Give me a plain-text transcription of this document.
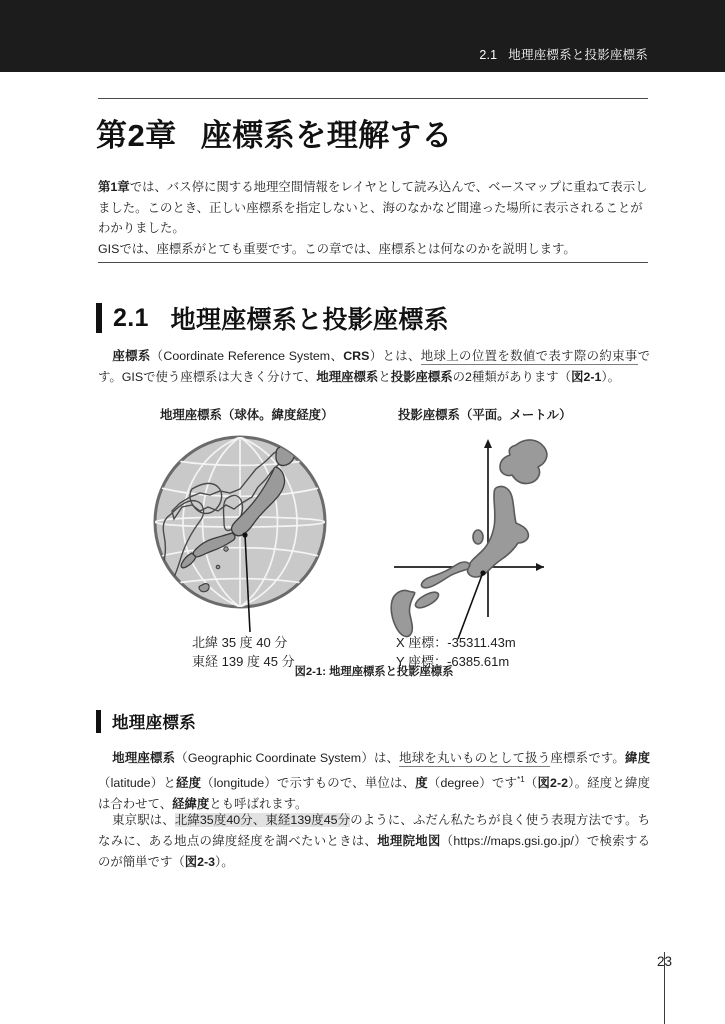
2.1 地理座標系と投影座標系
第2章 座標系を理解する
第1章では、バス停に関する地理空間情報をレイヤとして読み込んで、ベースマップに重ねて表示しました。このとき、正しい座標系を指定しないと、海のなかなど間違った場所に表示されることがわかりました。
GISでは、座標系がとても重要です。この章では、座標系とは何なのかを説明します。
2.1 地理座標系と投影座標系
座標系（Coordinate Reference System、CRS）とは、地球上の位置を数値で表す際の約束事です。GISで使う座標系は大きく分けて、地理座標系と投影座標系の2種類があります（図2-1）。
地理座標系（球体。緯度経度）	投影座標系（平面。メートル）
北緯 35 度 40 分
東経 139 度 45 分
X 座標：-35311.43m
Y 座標：-6385.61m
図2-1: 地理座標系と投影座標系
地理座標系
地理座標系（Geographic Coordinate System）は、地球を丸いものとして扱う座標系です。緯度（latitude）と経度（longitude）で示すもので、単位は、度（degree）です$^{*1}$（図2-2）。経度と緯度は合わせて、経緯度とも呼ばれます。
東京駅は、北緯35度40分、東経139度45分のように、ふだん私たちが良く使う表現方法です。ちなみに、ある地点の緯度経度を調べたいときは、地理院地図（https://maps.gsi.go.jp/）で検索するのが簡単です（図2-3）。
23
